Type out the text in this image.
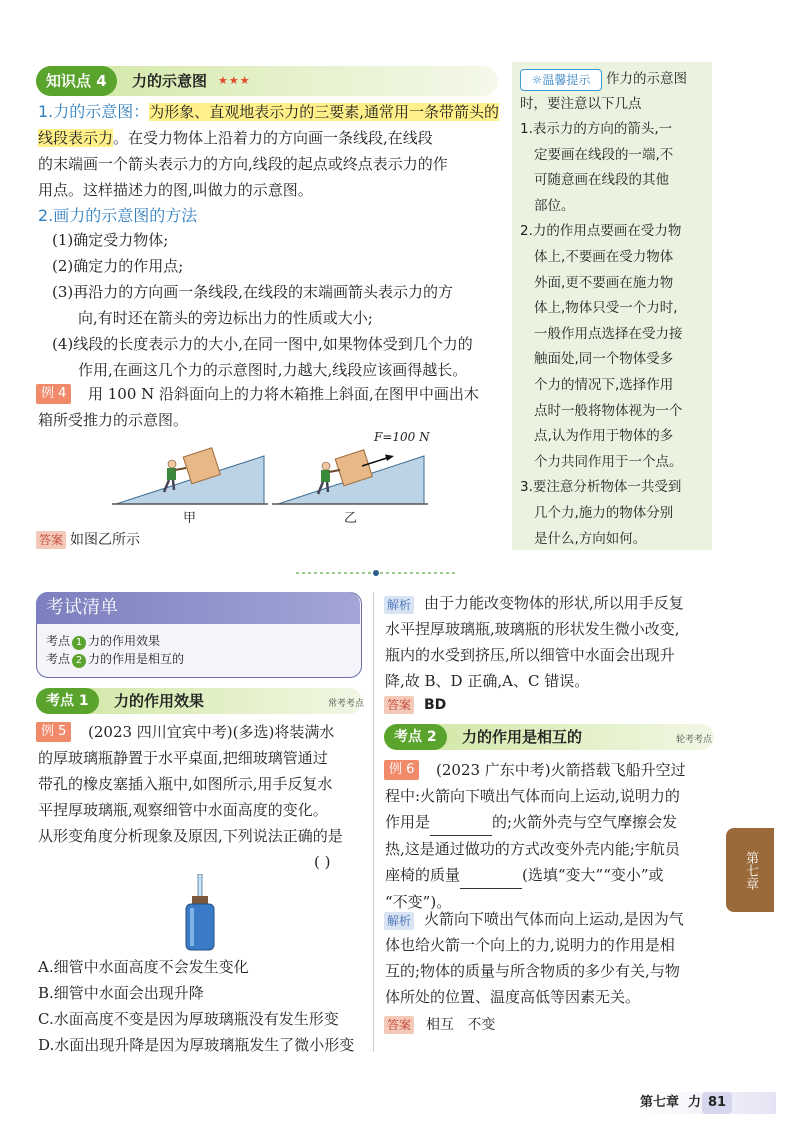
知识点 4	力的示意图 ★★★
1.力的示意图：为形象、直观地表示力的三要素,通常用一条带箭头的线段表示力。在受力物体上沿着力的方向画一条线段,在线段
的末端画一个箭头表示力的方向,线段的起点或终点表示力的作
用点。这样描述力的图,叫做力的示意图。
2.画力的示意图的方法
(1)确定受力物体;
(2)确定力的作用点;
(3)再沿力的方向画一条线段,在线段的末端画箭头表示力的方
向,有时还在箭头的旁边标出力的性质或大小;
(4)线段的长度表示力的大小,在同一图中,如果物体受到几个力的
作用,在画这几个力的示意图时,力越大,线段应该画得越长。
例 4	用 100 N 沿斜面向上的力将木箱推上斜面,在图甲中画出木
箱所受推力的示意图。
甲
F=100 N
乙
答案 如图乙所示
☼温馨提示	作力的示意图
时，要注意以下几点
1.表示力的方向的箭头,一
定要画在线段的一端,不
可随意画在线段的其他
部位。
2.力的作用点要画在受力物
体上,不要画在受力物体
外面,更不要画在施力物
体上,物体只受一个力时,
一般作用点选择在受力接
触面处,同一个物体受多
个力的情况下,选择作用
点时一般将物体视为一个
点,认为作用于物体的多
个力共同作用于一个点。
3.要注意分析物体一共受到
几个力,施力的物体分别
是什么,方向如何。
考试清单
考点 1 力的作用效果
考点 2 力的作用是相互的
考点 1	力的作用效果	常考考点
例 5	(2023 四川宜宾中考)(多选)将装满水
的厚玻璃瓶静置于水平桌面,把细玻璃管通过
带孔的橡皮塞插入瓶中,如图所示,用手反复水
平捏厚玻璃瓶,观察细管中水面高度的变化。
从形变角度分析现象及原因,下列说法正确的是
( )
A.细管中水面高度不会发生变化
B.细管中水面会出现升降
C.水面高度不变是因为厚玻璃瓶没有发生形变
D.水面出现升降是因为厚玻璃瓶发生了微小形变
解析 由于力能改变物体的形状,所以用手反复
水平捏厚玻璃瓶,玻璃瓶的形状发生微小改变,
瓶内的水受到挤压,所以细管中水面会出现升
降,故 B、D 正确,A、C 错误。
答案 BD
考点 2	力的作用是相互的	轮考考点
例 6	(2023 广东中考)火箭搭载飞船升空过
程中:火箭向下喷出气体而向上运动,说明力的
作用是	的;火箭外壳与空气摩擦会发
热,这是通过做功的方式改变外壳内能;宇航员
座椅的质量	(选填“变大”“变小”或
“不变”)。
解析 火箭向下喷出气体而向上运动,是因为气
体也给火箭一个向上的力,说明力的作用是相
互的;物体的质量与所含物质的多少有关,与物
体所处的位置、温度高低等因素无关。
答案 相互   不变
第七章
第七章  力 81
